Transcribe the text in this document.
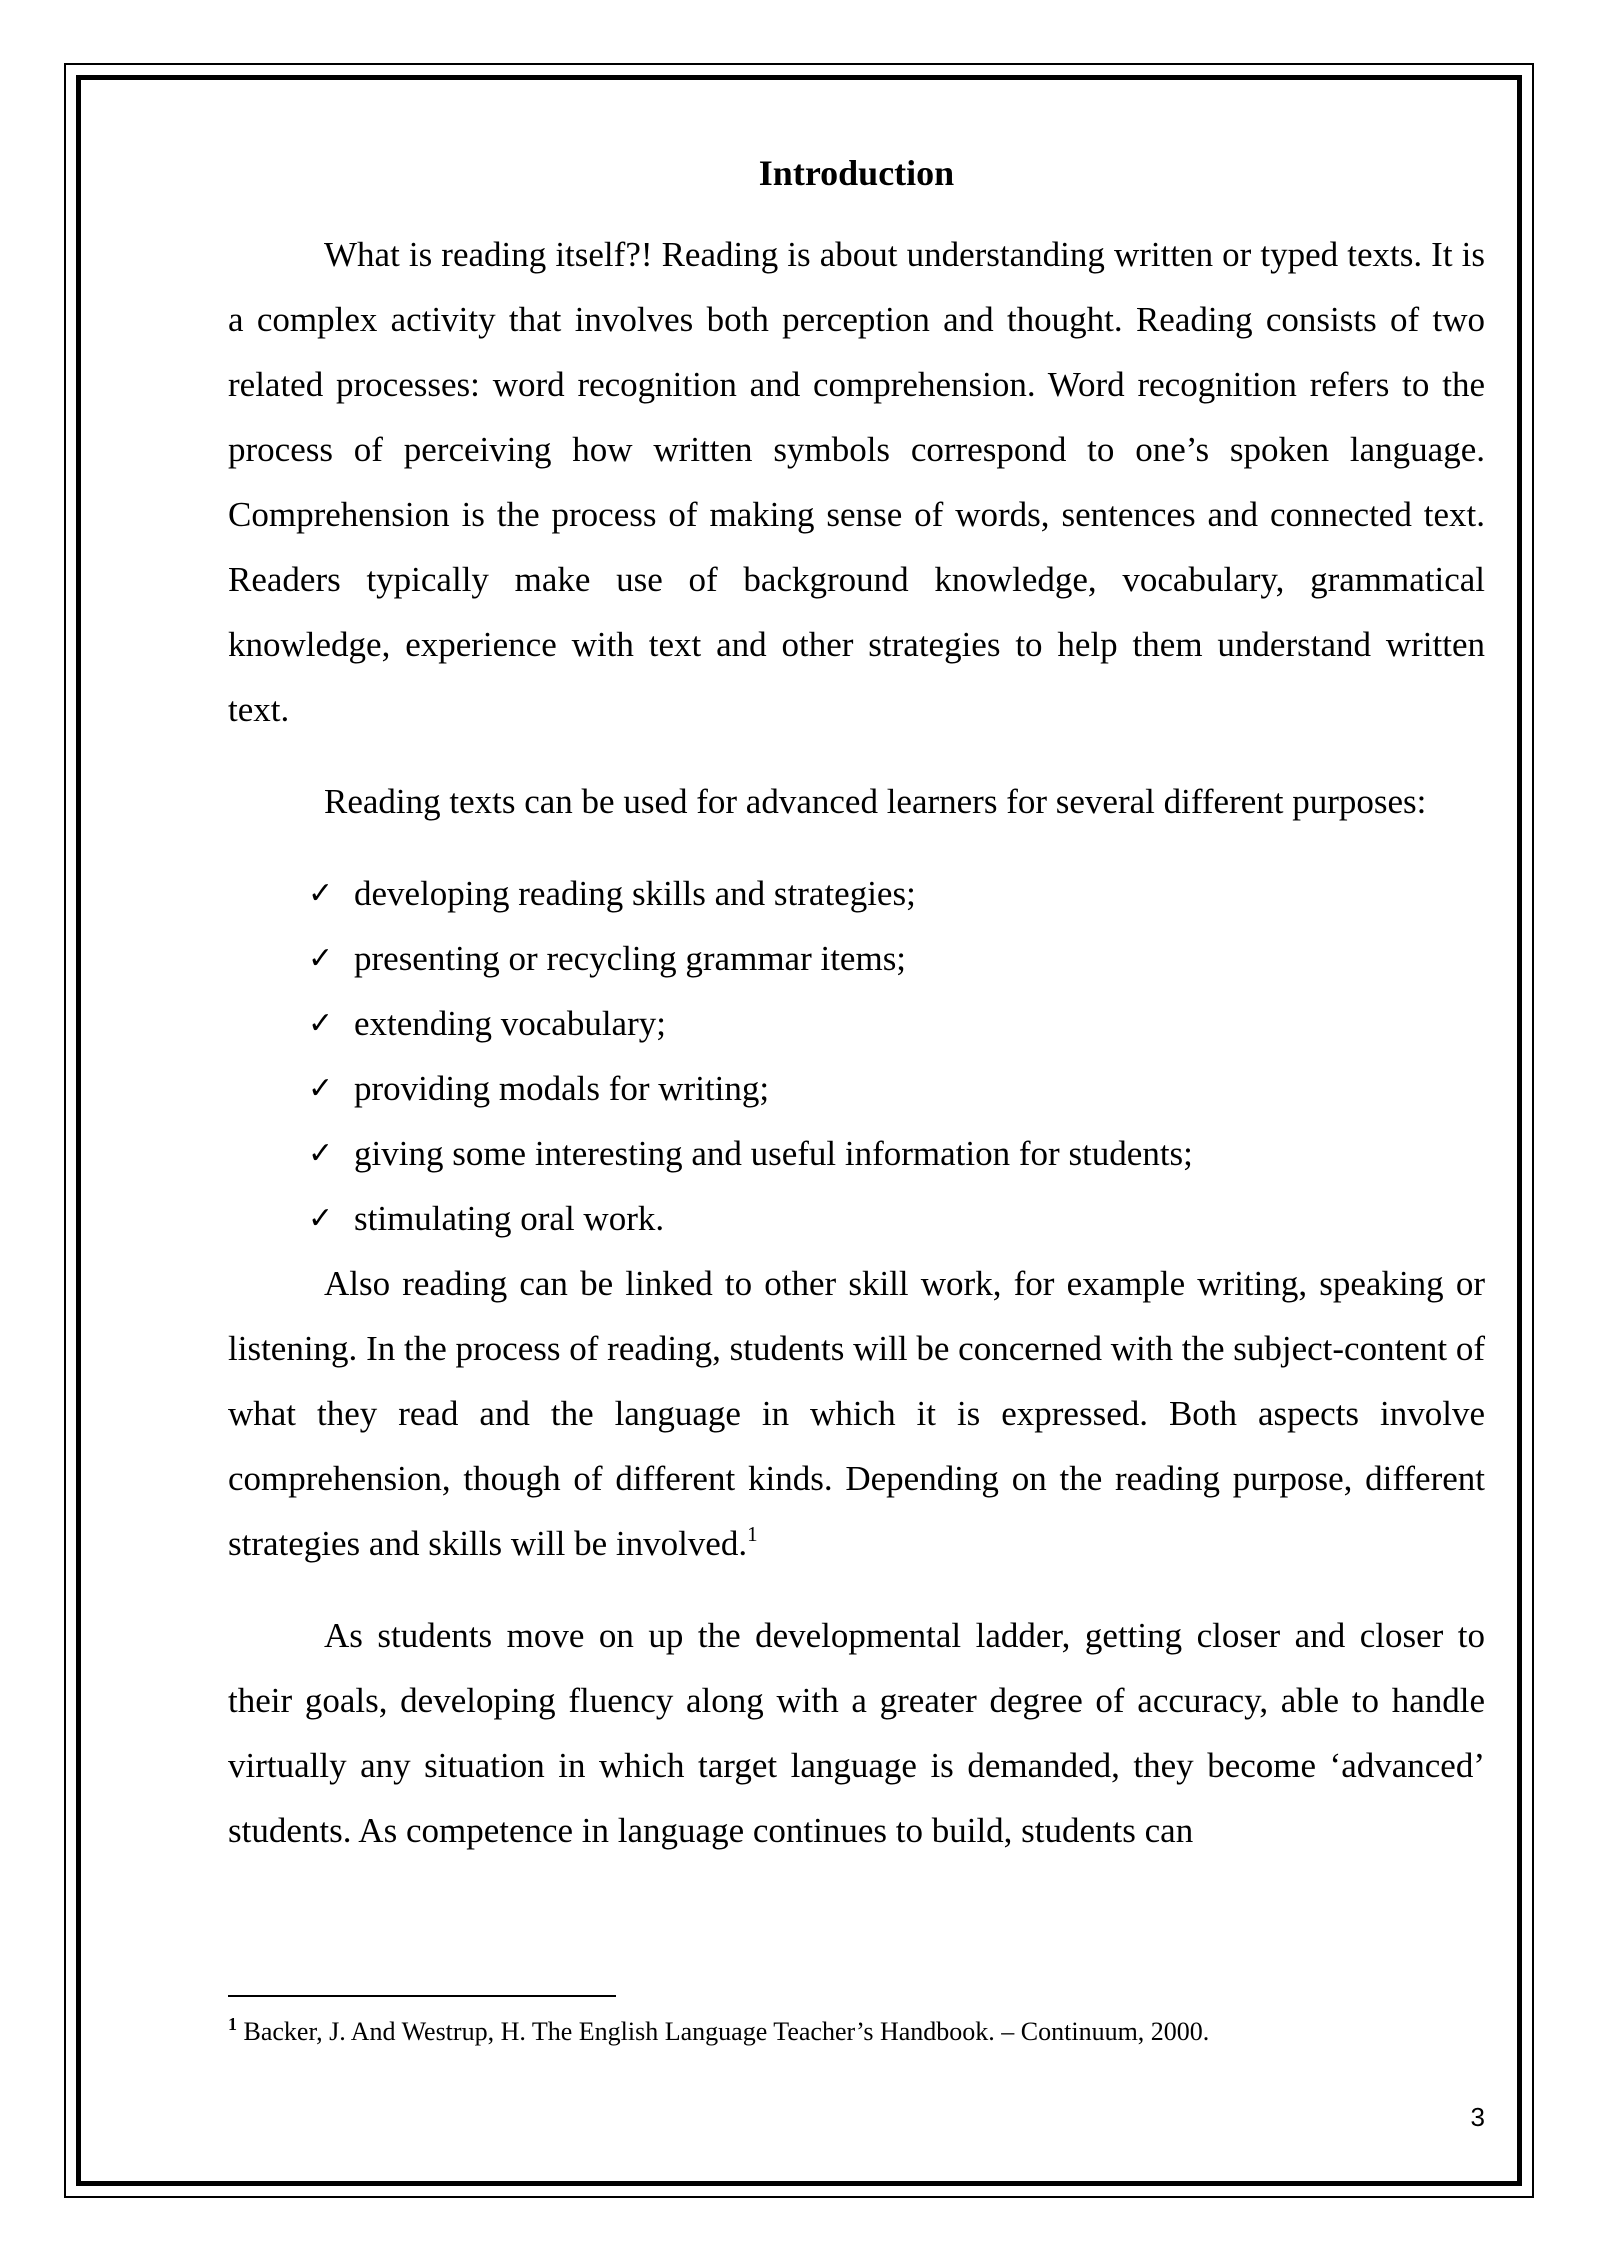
Introduction

What is reading itself?! Reading is about understanding written or typed texts. It is a complex activity that involves both perception and thought. Reading consists of two related processes: word recognition and comprehension. Word recognition refers to the process of perceiving how written symbols correspond to one’s spoken language. Comprehension is the process of making sense of words, sentences and connected text. Readers typically make use of background knowledge, vocabulary, grammatical knowledge, experience with text and other strategies to help them understand written text.

Reading texts can be used for advanced learners for several different purposes:

✓ developing reading skills and strategies;
✓ presenting or recycling grammar items;
✓ extending vocabulary;
✓ providing modals for writing;
✓ giving some interesting and useful information for students;
✓ stimulating oral work.

Also reading can be linked to other skill work, for example writing, speaking or listening. In the process of reading, students will be concerned with the subject-content of what they read and the language in which it is expressed. Both aspects involve comprehension, though of different kinds. Depending on the reading purpose, different strategies and skills will be involved.$^1$

As students move on up the developmental ladder, getting closer and closer to their goals, developing fluency along with a greater degree of accuracy, able to handle virtually any situation in which target language is demanded, they become ‘advanced’ students. As competence in language continues to build, students can

$^1$ Backer, J. And Westrup, H. The English Language Teacher’s Handbook. – Continuum, 2000.
3
